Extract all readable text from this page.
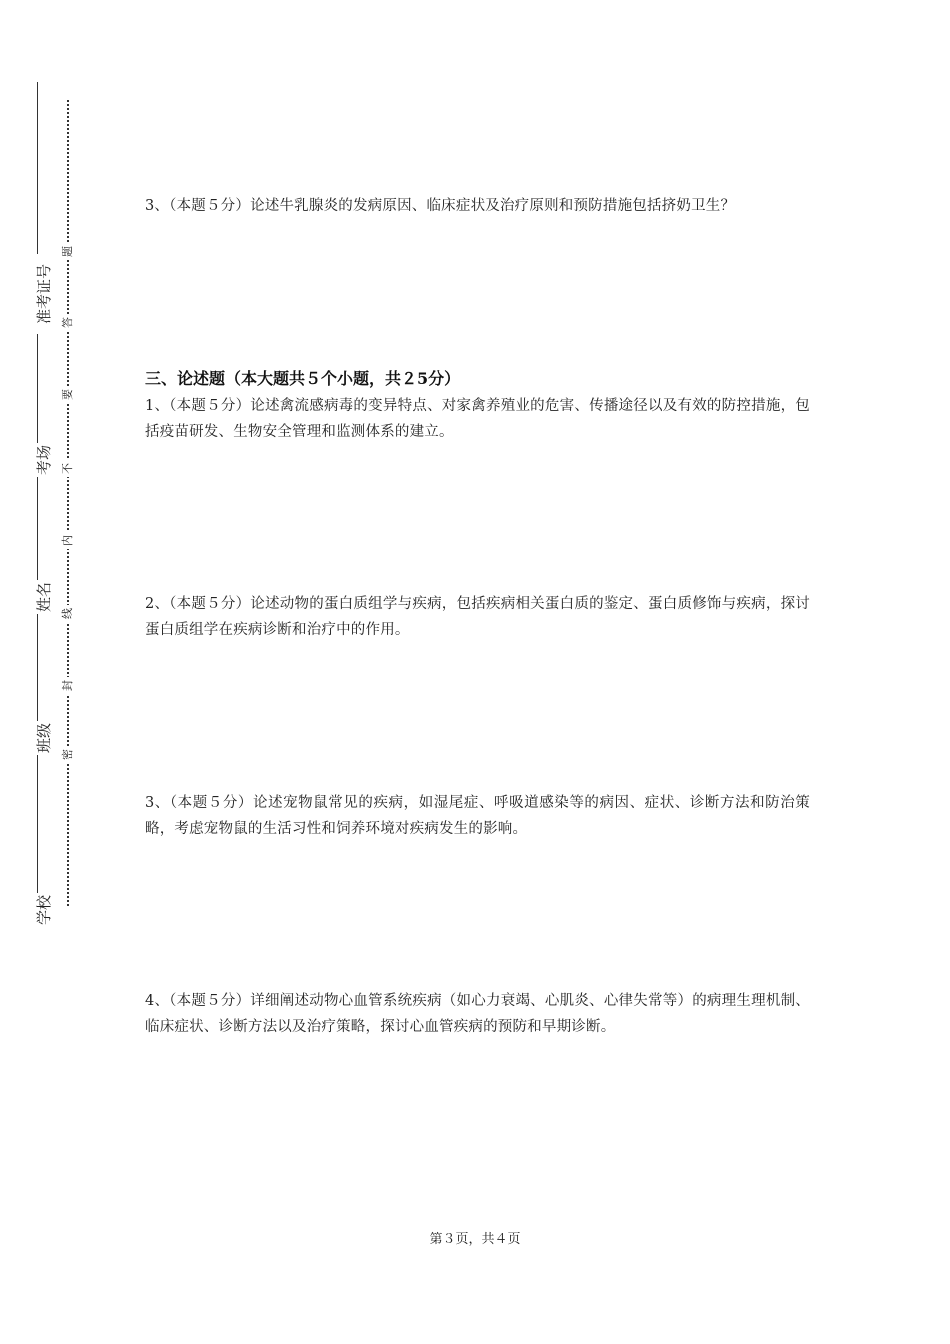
准考证号
考场
姓名
班级
学校
题
答
要
不
内
线
封
密
3、（本题５分）论述牛乳腺炎的发病原因、临床症状及治疗原则和预防措施包括挤奶卫生？
三、论述题（本大题共５个小题，共２5分）
1、（本题５分）论述禽流感病毒的变异特点、对家禽养殖业的危害、传播途径以及有效的防控措施，包括疫苗研发、生物安全管理和监测体系的建立。
2、（本题５分）论述动物的蛋白质组学与疾病，包括疾病相关蛋白质的鉴定、蛋白质修饰与疾病，探讨蛋白质组学在疾病诊断和治疗中的作用。
3、（本题５分）论述宠物鼠常见的疾病，如湿尾症、呼吸道感染等的病因、症状、诊断方法和防治策略，考虑宠物鼠的生活习性和饲养环境对疾病发生的影响。
4、（本题５分）详细阐述动物心血管系统疾病（如心力衰竭、心肌炎、心律失常等）的病理生理机制、临床症状、诊断方法以及治疗策略，探讨心血管疾病的预防和早期诊断。
第３页，共４页
